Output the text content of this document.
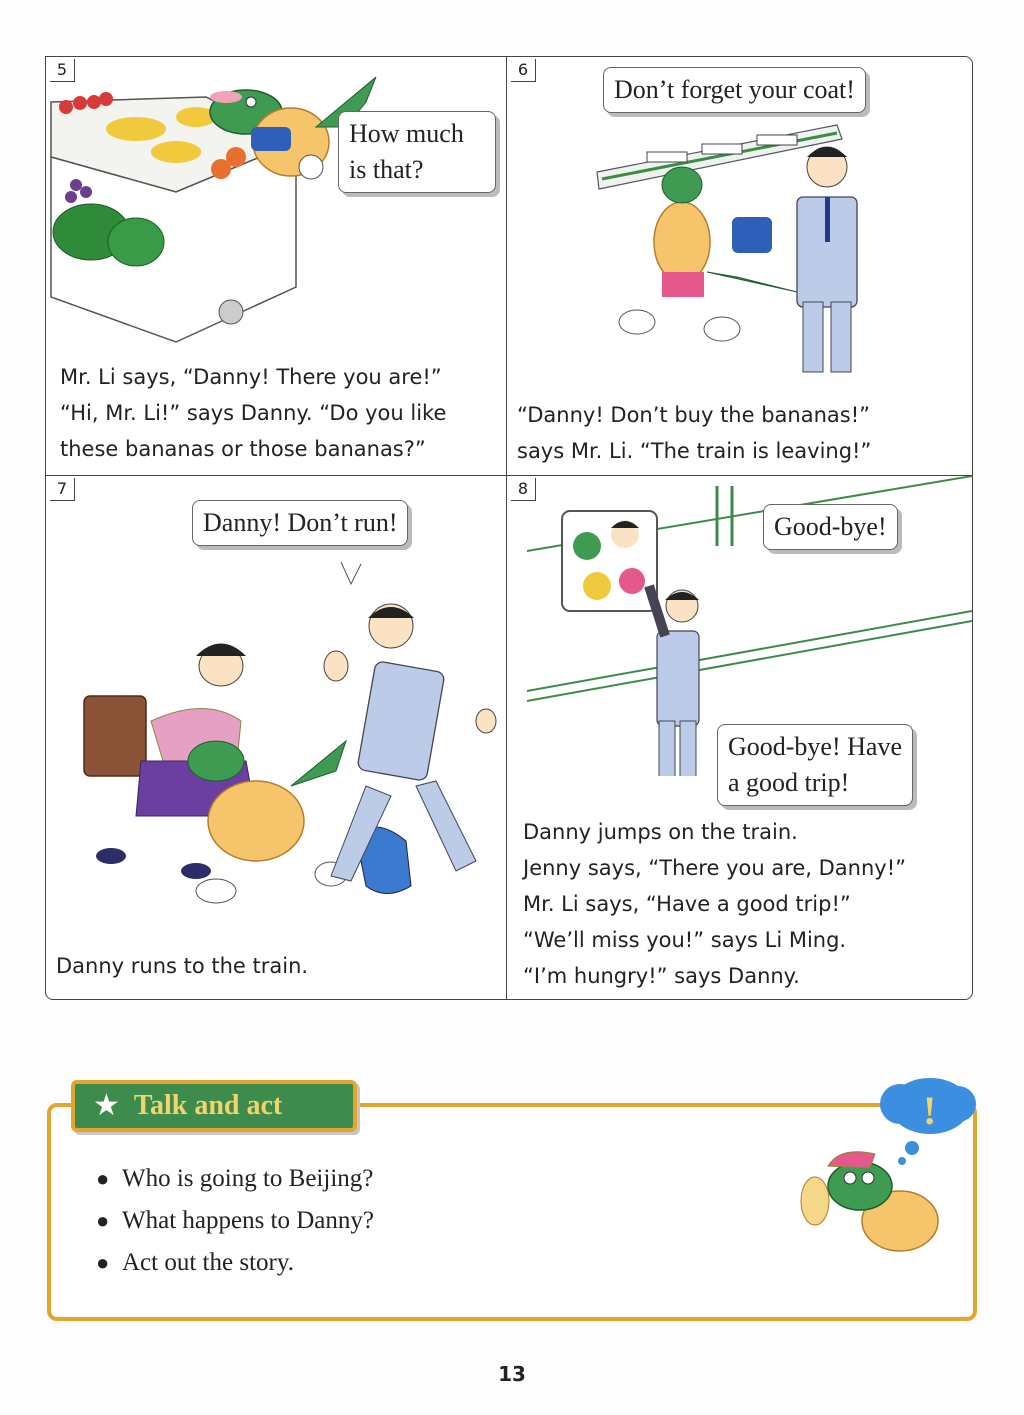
5
How much
is that?
Mr. Li says, “Danny! There you are!”
“Hi, Mr. Li!” says Danny. “Do you like
these bananas or those bananas?”
6
Don’t forget your coat!
“Danny! Don’t buy the bananas!”
says Mr. Li. “The train is leaving!”
7
Danny! Don’t run!
Danny runs to the train.
8
Good-bye!
Good-bye! Have
a good trip!
Danny jumps on the train.
Jenny says, “There you are, Danny!”
Mr. Li says, “Have a good trip!”
“We’ll miss you!” says Li Ming.
“I’m hungry!” says Danny.
★ Talk and act
● Who is going to Beijing?
● What happens to Danny?
● Act out the story.
!
13
